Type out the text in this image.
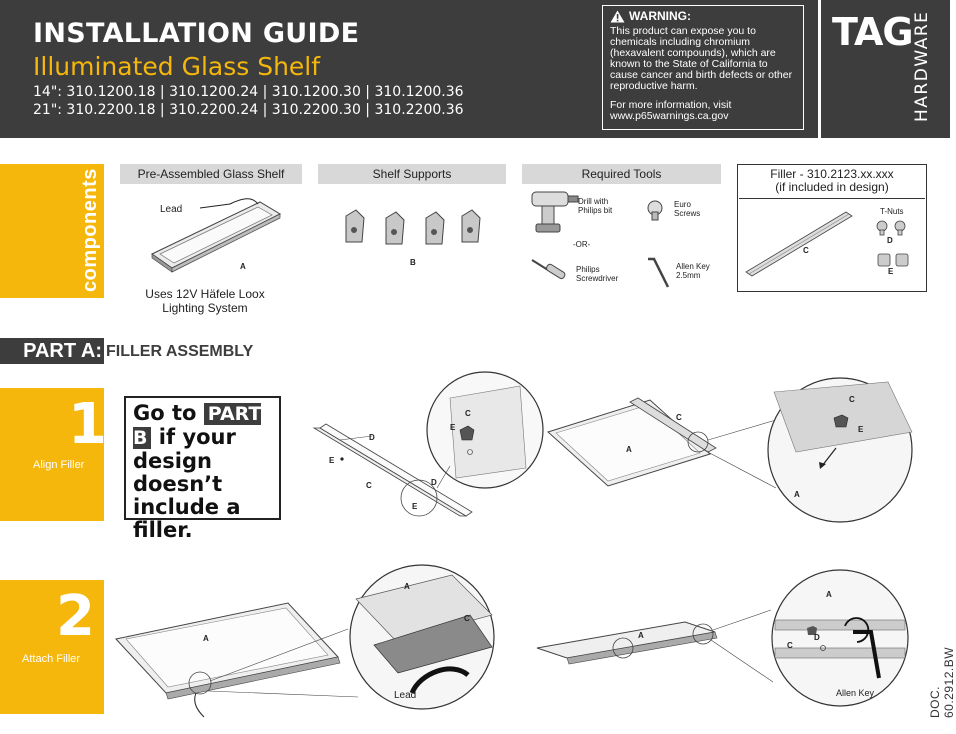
INSTALLATION GUIDE
Illuminated Glass Shelf
14": 310.1200.18 | 310.1200.24 | 310.1200.30 | 310.1200.36
21": 310.2200.18 | 310.2200.24 | 310.2200.30 | 310.2200.36
WARNING:

This product can expose you to chemicals including chromium (hexavalent compounds), which are known to the State of California to cause cancer and birth defects or other reproductive harm.

For more information, visit www.p65warnings.ca.gov
TAG HARDWARE
components	Pre-Assembled Glass Shelf
Lead
A
Uses 12V Häfele Loox Lighting System
Shelf Supports
B
Required Tools
Drill with Philips bit
-OR-
Philips Screwdriver
Euro Screws
Allen Key 2.5mm
Filler - 310.2123.xx.xxx
(if included in design)
C
T-Nuts
D
E
PART A: FILLER ASSEMBLY
1
Align Filler
Go to PART B if your design doesn’t include a filler.
D
E
C	D
E
C
E
A
C
C
E
A
2
Attach Filler
A
A
C
Lead
A
A
C
D
Allen Key	DOC. 60.2912.BW
